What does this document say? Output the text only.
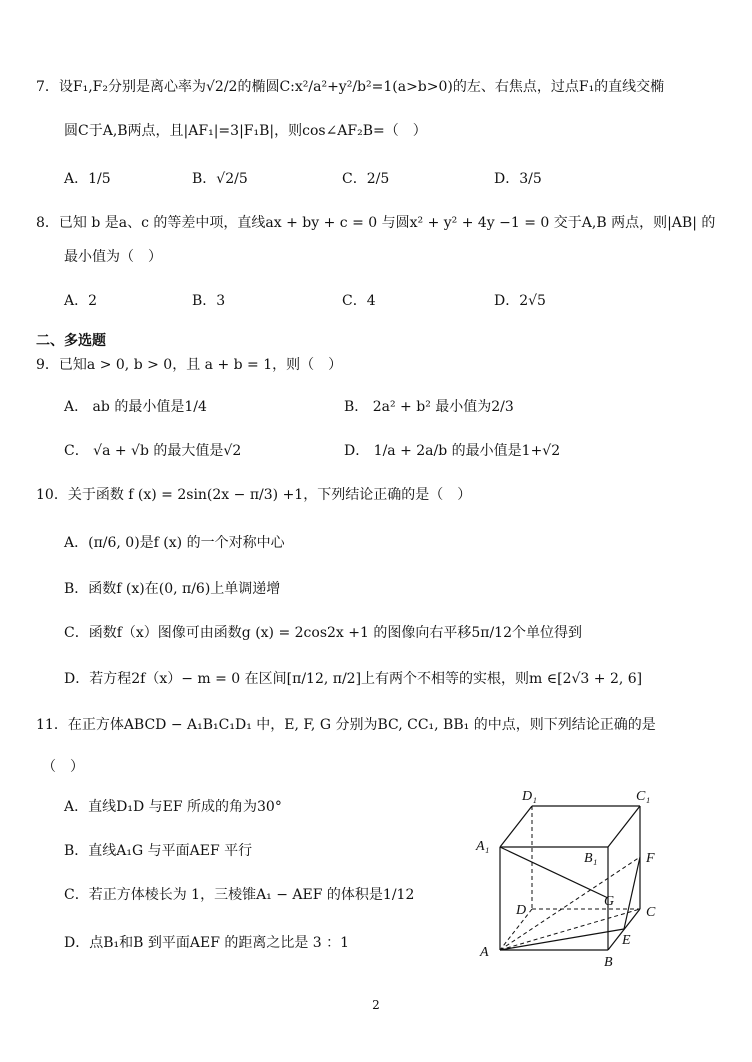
7．设F₁,F₂分别是离心率为√2/2的椭圆C:x²/a²+y²/b²=1(a>b>0)的左、右焦点，过点F₁的直线交椭
圆C于A,B两点，且|AF₁|=3|F₁B|，则cos∠AF₂B=（　）
A．1/5	B．√2/5	C．2/5	D．3/5
8．已知 b 是a、c 的等差中项，直线ax + by + c = 0 与圆x² + y² + 4y −1 = 0 交于A,B 两点，则|AB| 的
最小值为（　）
A．2	B．3	C．4	D．2√5
二、多选题
9．已知a > 0, b > 0，且 a + b = 1，则（　）
A． ab 的最小值是1/4	B． 2a² + b² 最小值为2/3
C． √a + √b 的最大值是√2	D． 1/a + 2a/b 的最小值是1+√2
10．关于函数 f (x) = 2sin(2x − π/3) +1，下列结论正确的是（　）
A．(π/6, 0)是f (x) 的一个对称中心
B．函数f (x)在(0, π/6)上单调递增
C．函数f（x）图像可由函数g (x) = 2cos2x +1 的图像向右平移5π/12个单位得到
D．若方程2f（x）− m = 0 在区间[π/12, π/2]上有两个不相等的实根，则m ∈[2√3 + 2, 6]
11．在正方体ABCD − A₁B₁C₁D₁ 中，E, F, G 分别为BC, CC₁, BB₁ 的中点，则下列结论正确的是
（　）
A．直线D₁D 与EF 所成的角为30°
B．直线A₁G 与平面AEF 平行
C．若正方体棱长为 1，三棱锥A₁ − AEF 的体积是1/12
D．点B₁和B 到平面AEF 的距离之比是 3 ：1
D₁	C₁
A₁
B₁	F
D
G
C
E
A
B
2
